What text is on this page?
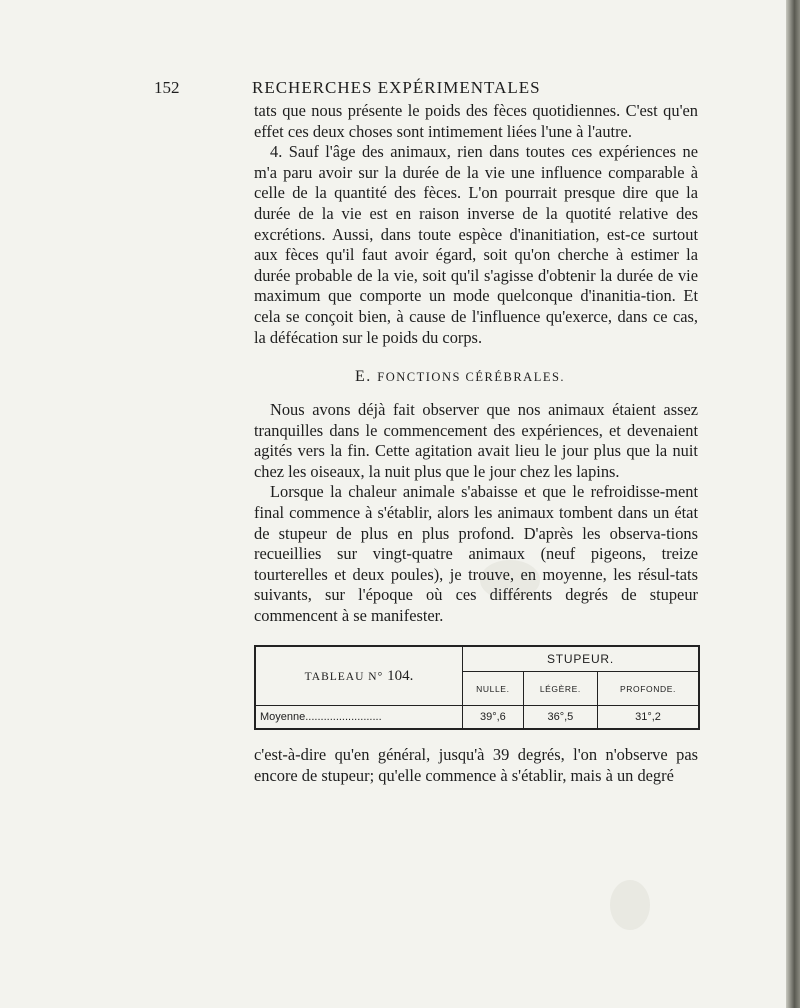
152	RECHERCHES EXPÉRIMENTALES

tats que nous présente le poids des fèces quotidiennes. C'est qu'en effet ces deux choses sont intimement liées l'une à l'autre.

4. Sauf l'âge des animaux, rien dans toutes ces expériences ne m'a paru avoir sur la durée de la vie une influence comparable à celle de la quantité des fèces. L'on pourrait presque dire que la durée de la vie est en raison inverse de la quotité relative des excrétions. Aussi, dans toute espèce d'inanitiation, est-ce surtout aux fèces qu'il faut avoir égard, soit qu'on cherche à estimer la durée probable de la vie, soit qu'il s'agisse d'obtenir la durée de vie maximum que comporte un mode quelconque d'inanitia-tion. Et cela se conçoit bien, à cause de l'influence qu'exerce, dans ce cas, la défécation sur le poids du corps.

E. FONCTIONS CÉRÉBRALES.

Nous avons déjà fait observer que nos animaux étaient assez tranquilles dans le commencement des expériences, et devenaient agités vers la fin. Cette agitation avait lieu le jour plus que la nuit chez les oiseaux, la nuit plus que le jour chez les lapins.

Lorsque la chaleur animale s'abaisse et que le refroidisse-ment final commence à s'établir, alors les animaux tombent dans un état de stupeur de plus en plus profond. D'après les observa-tions recueillies sur vingt-quatre animaux (neuf pigeons, treize tourterelles et deux poules), je trouve, en moyenne, les résul-tats suivants, sur l'époque où ces différents degrés de stupeur commencent à se manifester.

TABLEAU N° 104.	STUPEUR.		
	NULLE.	LÉGÈRE.	PROFONDE.
Moyenne.........................	39°,6	36°,5	31°,2

c'est-à-dire qu'en général, jusqu'à 39 degrés, l'on n'observe pas encore de stupeur; qu'elle commence à s'établir, mais à un degré
